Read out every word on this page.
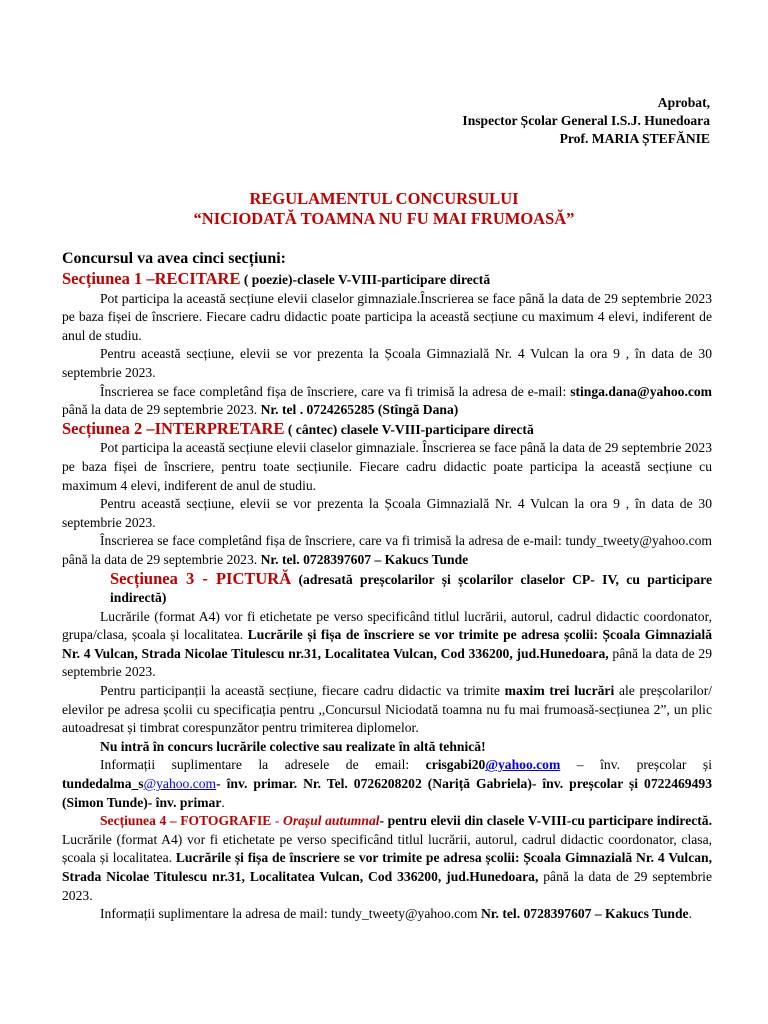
Aprobat,
Inspector Școlar General I.S.J. Hunedoara
Prof. MARIA ȘTEFĂNIE
REGULAMENTUL CONCURSULUI
“NICIODATĂ TOAMNA NU FU MAI FRUMOASĂ”

Concursul va avea cinci secțiuni:

Secțiunea 1 –RECITARE ( poezie)-clasele V-VIII-participare directă

Pot participa la această secțiune elevii claselor gimnaziale.Înscrierea se face până la data de 29 septembrie 2023 pe baza fișei de înscriere. Fiecare cadru didactic poate participa la această secțiune cu maximum 4 elevi, indiferent de anul de studiu.

Pentru această secțiune, elevii se vor prezenta la Școala Gimnazială Nr. 4 Vulcan la ora 9 , în data de 30 septembrie 2023.

Înscrierea se face completând fișa de înscriere, care va fi trimisă la adresa de e-mail: stinga.dana@yahoo.com până la data de 29 septembrie 2023. Nr. tel . 0724265285 (Stîngă Dana)

Secțiunea 2 –INTERPRETARE ( cântec) clasele V-VIII-participare directă

Pot participa la această secțiune elevii claselor gimnaziale. Înscrierea se face până la data de 29 septembrie 2023 pe baza fișei de înscriere, pentru toate secțiunile. Fiecare cadru didactic poate participa la această secțiune cu maximum 4 elevi, indiferent de anul de studiu.

Pentru această secțiune, elevii se vor prezenta la Școala Gimnazială Nr. 4 Vulcan la ora 9 , în data de 30 septembrie 2023.

Înscrierea se face completând fișa de înscriere, care va fi trimisă la adresa de e-mail: tundy_tweety@yahoo.com până la data de 29 septembrie 2023. Nr. tel. 0728397607 – Kakucs Tunde

Secțiunea 3 - PICTURĂ (adresată preșcolarilor și școlarilor claselor CP- IV, cu participare indirectă)

Lucrările (format A4) vor fi etichetate pe verso specificând titlul lucrării, autorul, cadrul didactic coordonator, grupa/clasa, școala și localitatea. Lucrările și fișa de înscriere se vor trimite pe adresa școlii: Școala Gimnazială Nr. 4 Vulcan, Strada Nicolae Titulescu nr.31, Localitatea Vulcan, Cod 336200, jud.Hunedoara, până la data de 29 septembrie 2023.

Pentru participanții la această secțiune, fiecare cadru didactic va trimite maxim trei lucrări ale preșcolarilor/ elevilor pe adresa școlii cu specificația pentru ,,Concursul Niciodată toamna nu fu mai frumoasă-secțiunea 2”, un plic autoadresat și timbrat corespunzător pentru trimiterea diplomelor.

Nu intră în concurs lucrările colective sau realizate în altă tehnică!

Informații suplimentare la adresele de email: crisgabi20@yahoo.com – înv. preșcolar și tundedalma_s@yahoo.com- înv. primar. Nr. Tel. 0726208202 (Nariță Gabriela)- înv. preșcolar și 0722469493 (Simon Tunde)- înv. primar.

Secțiunea 4 – FOTOGRAFIE - Orașul autumnal- pentru elevii din clasele V-VIII-cu participare indirectă. Lucrările (format A4) vor fi etichetate pe verso specificând titlul lucrării, autorul, cadrul didactic coordonator, clasa, școala și localitatea. Lucrările și fișa de înscriere se vor trimite pe adresa școlii: Școala Gimnazială Nr. 4 Vulcan, Strada Nicolae Titulescu nr.31, Localitatea Vulcan, Cod 336200, jud.Hunedoara, până la data de 29 septembrie 2023.

Informații suplimentare la adresa de mail: tundy_tweety@yahoo.com Nr. tel. 0728397607 – Kakucs Tunde.
